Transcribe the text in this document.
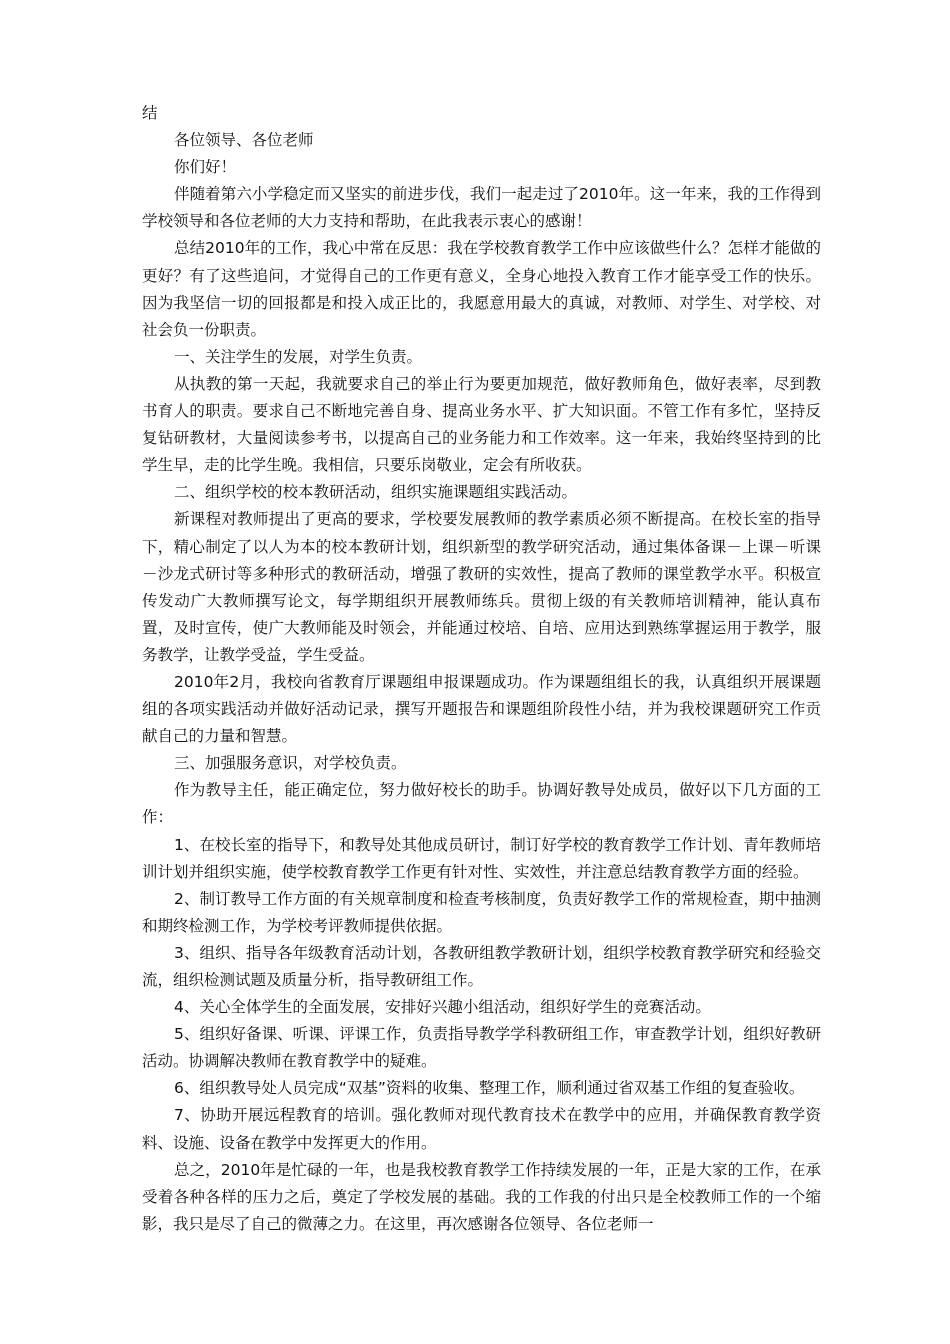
结

各位领导、各位老师

你们好！

伴随着第六小学稳定而又坚实的前进步伐，我们一起走过了2010年。这一年来，我的工作得到学校领导和各位老师的大力支持和帮助，在此我表示衷心的感谢！

总结2010年的工作，我心中常在反思：我在学校教育教学工作中应该做些什么？怎样才能做的更好？有了这些追问，才觉得自己的工作更有意义，全身心地投入教育工作才能享受工作的快乐。因为我坚信一切的回报都是和投入成正比的，我愿意用最大的真诚，对教师、对学生、对学校、对社会负一份职责。

一、关注学生的发展，对学生负责。

从执教的第一天起，我就要求自己的举止行为要更加规范，做好教师角色，做好表率，尽到教书育人的职责。要求自己不断地完善自身、提高业务水平、扩大知识面。不管工作有多忙，坚持反复钻研教材，大量阅读参考书，以提高自己的业务能力和工作效率。这一年来，我始终坚持到的比学生早，走的比学生晚。我相信，只要乐岗敬业，定会有所收获。

二、组织学校的校本教研活动，组织实施课题组实践活动。

新课程对教师提出了更高的要求，学校要发展教师的教学素质必须不断提高。在校长室的指导下，精心制定了以人为本的校本教研计划，组织新型的教学研究活动，通过集体备课－上课－听课－沙龙式研讨等多种形式的教研活动，增强了教研的实效性，提高了教师的课堂教学水平。积极宣传发动广大教师撰写论文，每学期组织开展教师练兵。贯彻上级的有关教师培训精神，能认真布置，及时宣传，使广大教师能及时领会，并能通过校培、自培、应用达到熟练掌握运用于教学，服务教学，让教学受益，学生受益。

2010年2月，我校向省教育厅课题组申报课题成功。作为课题组组长的我，认真组织开展课题组的各项实践活动并做好活动记录，撰写开题报告和课题组阶段性小结，并为我校课题研究工作贡献自己的力量和智慧。

三、加强服务意识，对学校负责。

作为教导主任，能正确定位，努力做好校长的助手。协调好教导处成员，做好以下几方面的工作：

1、在校长室的指导下，和教导处其他成员研讨，制订好学校的教育教学工作计划、青年教师培训计划并组织实施，使学校教育教学工作更有针对性、实效性，并注意总结教育教学方面的经验。

2、制订教导工作方面的有关规章制度和检查考核制度，负责好教学工作的常规检查，期中抽测和期终检测工作，为学校考评教师提供依据。

3、组织、指导各年级教育活动计划，各教研组教学教研计划，组织学校教育教学研究和经验交流，组织检测试题及质量分析，指导教研组工作。

4、关心全体学生的全面发展，安排好兴趣小组活动，组织好学生的竞赛活动。

5、组织好备课、听课、评课工作，负责指导教学学科教研组工作，审查教学计划，组织好教研活动。协调解决教师在教育教学中的疑难。

6、组织教导处人员完成“双基”资料的收集、整理工作，顺利通过省双基工作组的复查验收。

7、协助开展远程教育的培训。强化教师对现代教育技术在教学中的应用，并确保教育教学资料、设施、设备在教学中发挥更大的作用。

总之，2010年是忙碌的一年，也是我校教育教学工作持续发展的一年，正是大家的工作，在承受着各种各样的压力之后，奠定了学校发展的基础。我的工作我的付出只是全校教师工作的一个缩影，我只是尽了自己的微薄之力。在这里，再次感谢各位领导、各位老师一
